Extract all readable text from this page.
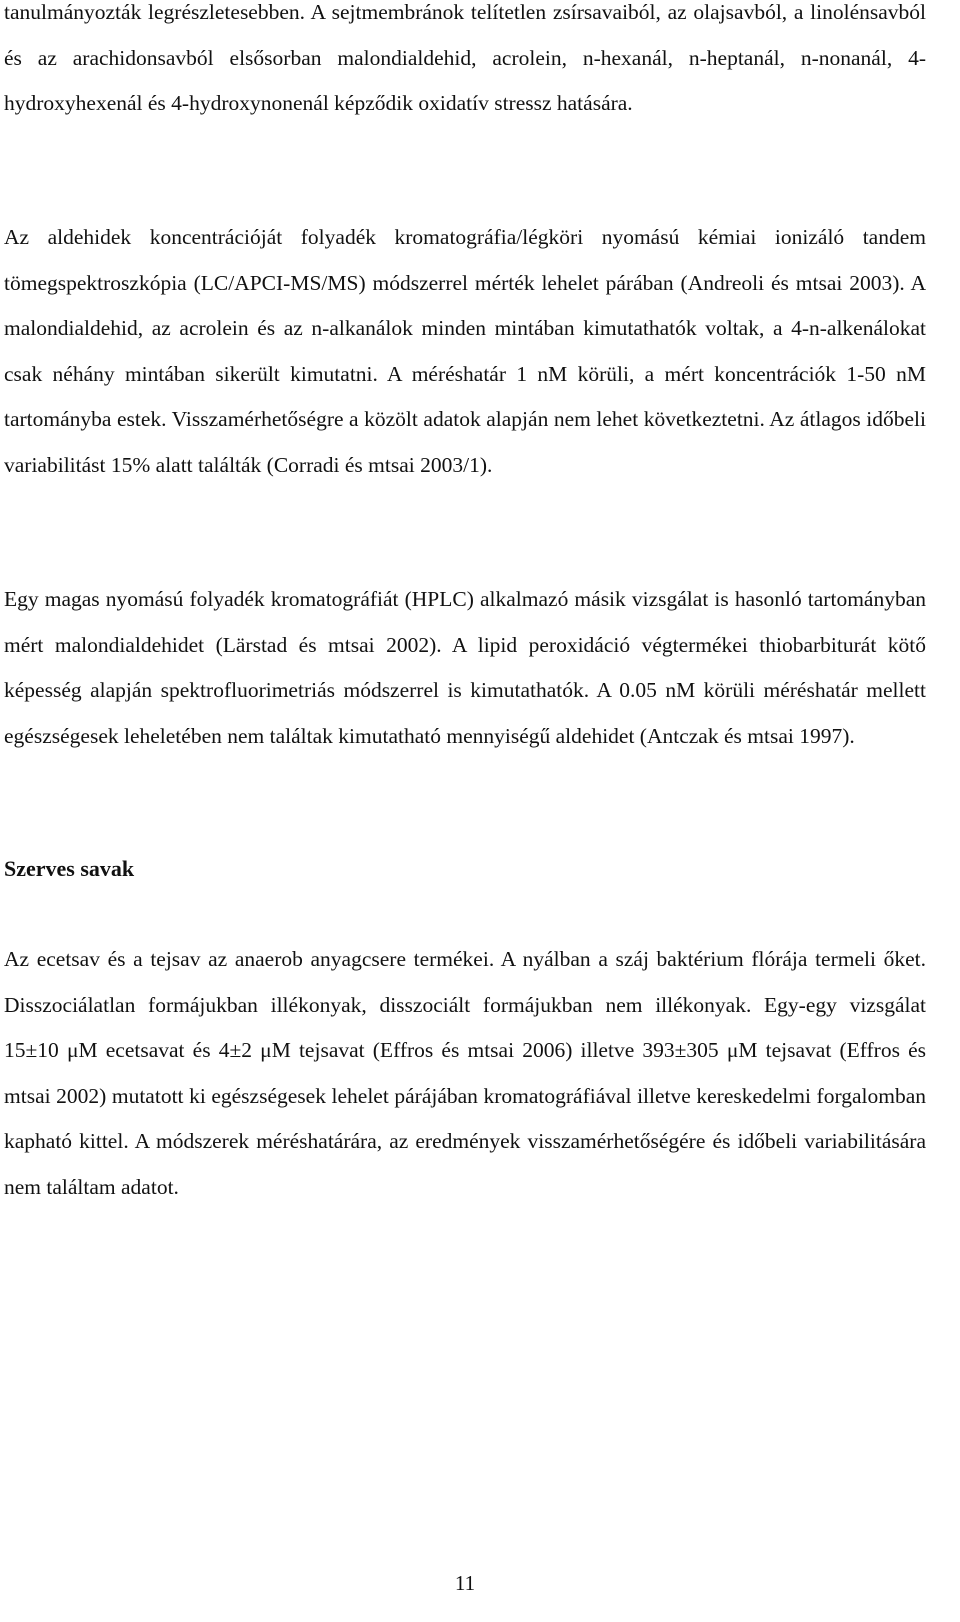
tanulmányozták legrészletesebben. A sejtmembránok telítetlen zsírsavaiból, az olajsavból, a linolénsavból és az arachidonsavból elsősorban malondialdehid, acrolein, n-hexanál, n-heptanál, n-nonanál, 4-hydroxyhexenál és 4-hydroxynonenál képződik oxidatív stressz hatására.

Az aldehidek koncentrációját folyadék kromatográfia/légköri nyomású kémiai ionizáló tandem tömegspektroszkópia (LC/APCI-MS/MS) módszerrel mérték lehelet párában (Andreoli és mtsai 2003). A malondialdehid, az acrolein és az n-alkanálok minden mintában kimutathatók voltak, a 4-n-alkenálokat csak néhány mintában sikerült kimutatni. A méréshatár 1 nM körüli, a mért koncentrációk 1-50 nM tartományba estek. Visszamérhetőségre a közölt adatok alapján nem lehet következtetni. Az átlagos időbeli variabilitást 15% alatt találták (Corradi és mtsai 2003/1).

Egy magas nyomású folyadék kromatográfiát (HPLC) alkalmazó másik vizsgálat is hasonló tartományban mért malondialdehidet (Lärstad és mtsai 2002). A lipid peroxidáció végtermékei thiobarbiturát kötő képesség alapján spektrofluorimetriás módszerrel is kimutathatók. A 0.05 nM körüli méréshatár mellett egészségesek leheletében nem találtak kimutatható mennyiségű aldehidet (Antczak és mtsai 1997).

Szerves savak

Az ecetsav és a tejsav az anaerob anyagcsere termékei. A nyálban a száj baktérium flórája termeli őket. Disszociálatlan formájukban illékonyak, disszociált formájukban nem illékonyak. Egy-egy vizsgálat 15±10 μM ecetsavat és 4±2 μM tejsavat (Effros és mtsai 2006) illetve 393±305 μM tejsavat (Effros és mtsai 2002) mutatott ki egészségesek lehelet párájában kromatográfiával illetve kereskedelmi forgalomban kapható kittel. A módszerek méréshatárára, az eredmények visszamérhetőségére és időbeli variabilitására nem találtam adatot.

11
